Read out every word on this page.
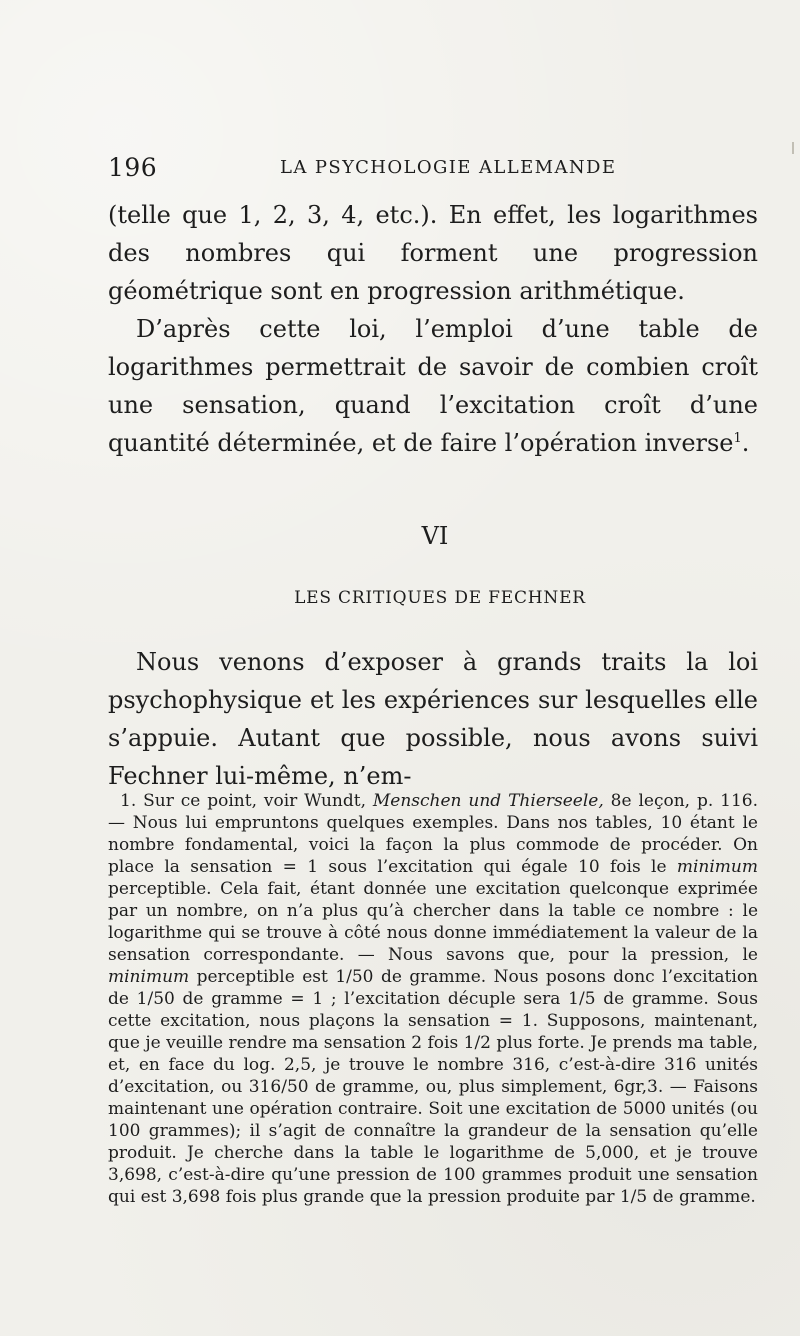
196	LA PSYCHOLOGIE ALLEMANDE

(telle que 1, 2, 3, 4, etc.). En effet, les logarithmes des nombres qui forment une progression géométrique sont en progression arithmétique.

D’après cette loi, l’emploi d’une table de logarithmes permettrait de savoir de combien croît une sensation, quand l’excitation croît d’une quantité déterminée, et de faire l’opération inverse$^1$.

VI
LES CRITIQUES DE FECHNER

Nous venons d’exposer à grands traits la loi psychophysique et les expériences sur lesquelles elle s’appuie. Autant que possible, nous avons suivi Fechner lui-même, n’em-

1. Sur ce point, voir Wundt, Menschen und Thierseele, 8e leçon, p. 116. — Nous lui empruntons quelques exemples. Dans nos tables, 10 étant le nombre fondamental, voici la façon la plus commode de procéder. On place la sensation = 1 sous l’excitation qui égale 10 fois le minimum perceptible. Cela fait, étant donnée une excitation quelconque exprimée par un nombre, on n’a plus qu’à chercher dans la table ce nombre : le logarithme qui se trouve à côté nous donne immédiatement la valeur de la sensation correspondante. — Nous savons que, pour la pression, le minimum perceptible est 1/50 de gramme. Nous posons donc l’excitation de 1/50 de gramme = 1 ; l’excitation décuple sera 1/5 de gramme. Sous cette excitation, nous plaçons la sensation = 1. Supposons, maintenant, que je veuille rendre ma sensation 2 fois 1/2 plus forte. Je prends ma table, et, en face du log. 2,5, je trouve le nombre 316, c’est-à-dire 316 unités d’excitation, ou 316/50 de gramme, ou, plus simplement, 6gr,3. — Faisons maintenant une opération contraire. Soit une excitation de 5000 unités (ou 100 grammes); il s’agit de connaître la grandeur de la sensation qu’elle produit. Je cherche dans la table le logarithme de 5,000, et je trouve 3,698, c’est-à-dire qu’une pression de 100 grammes produit une sensation qui est 3,698 fois plus grande que la pression produite par 1/5 de gramme.
